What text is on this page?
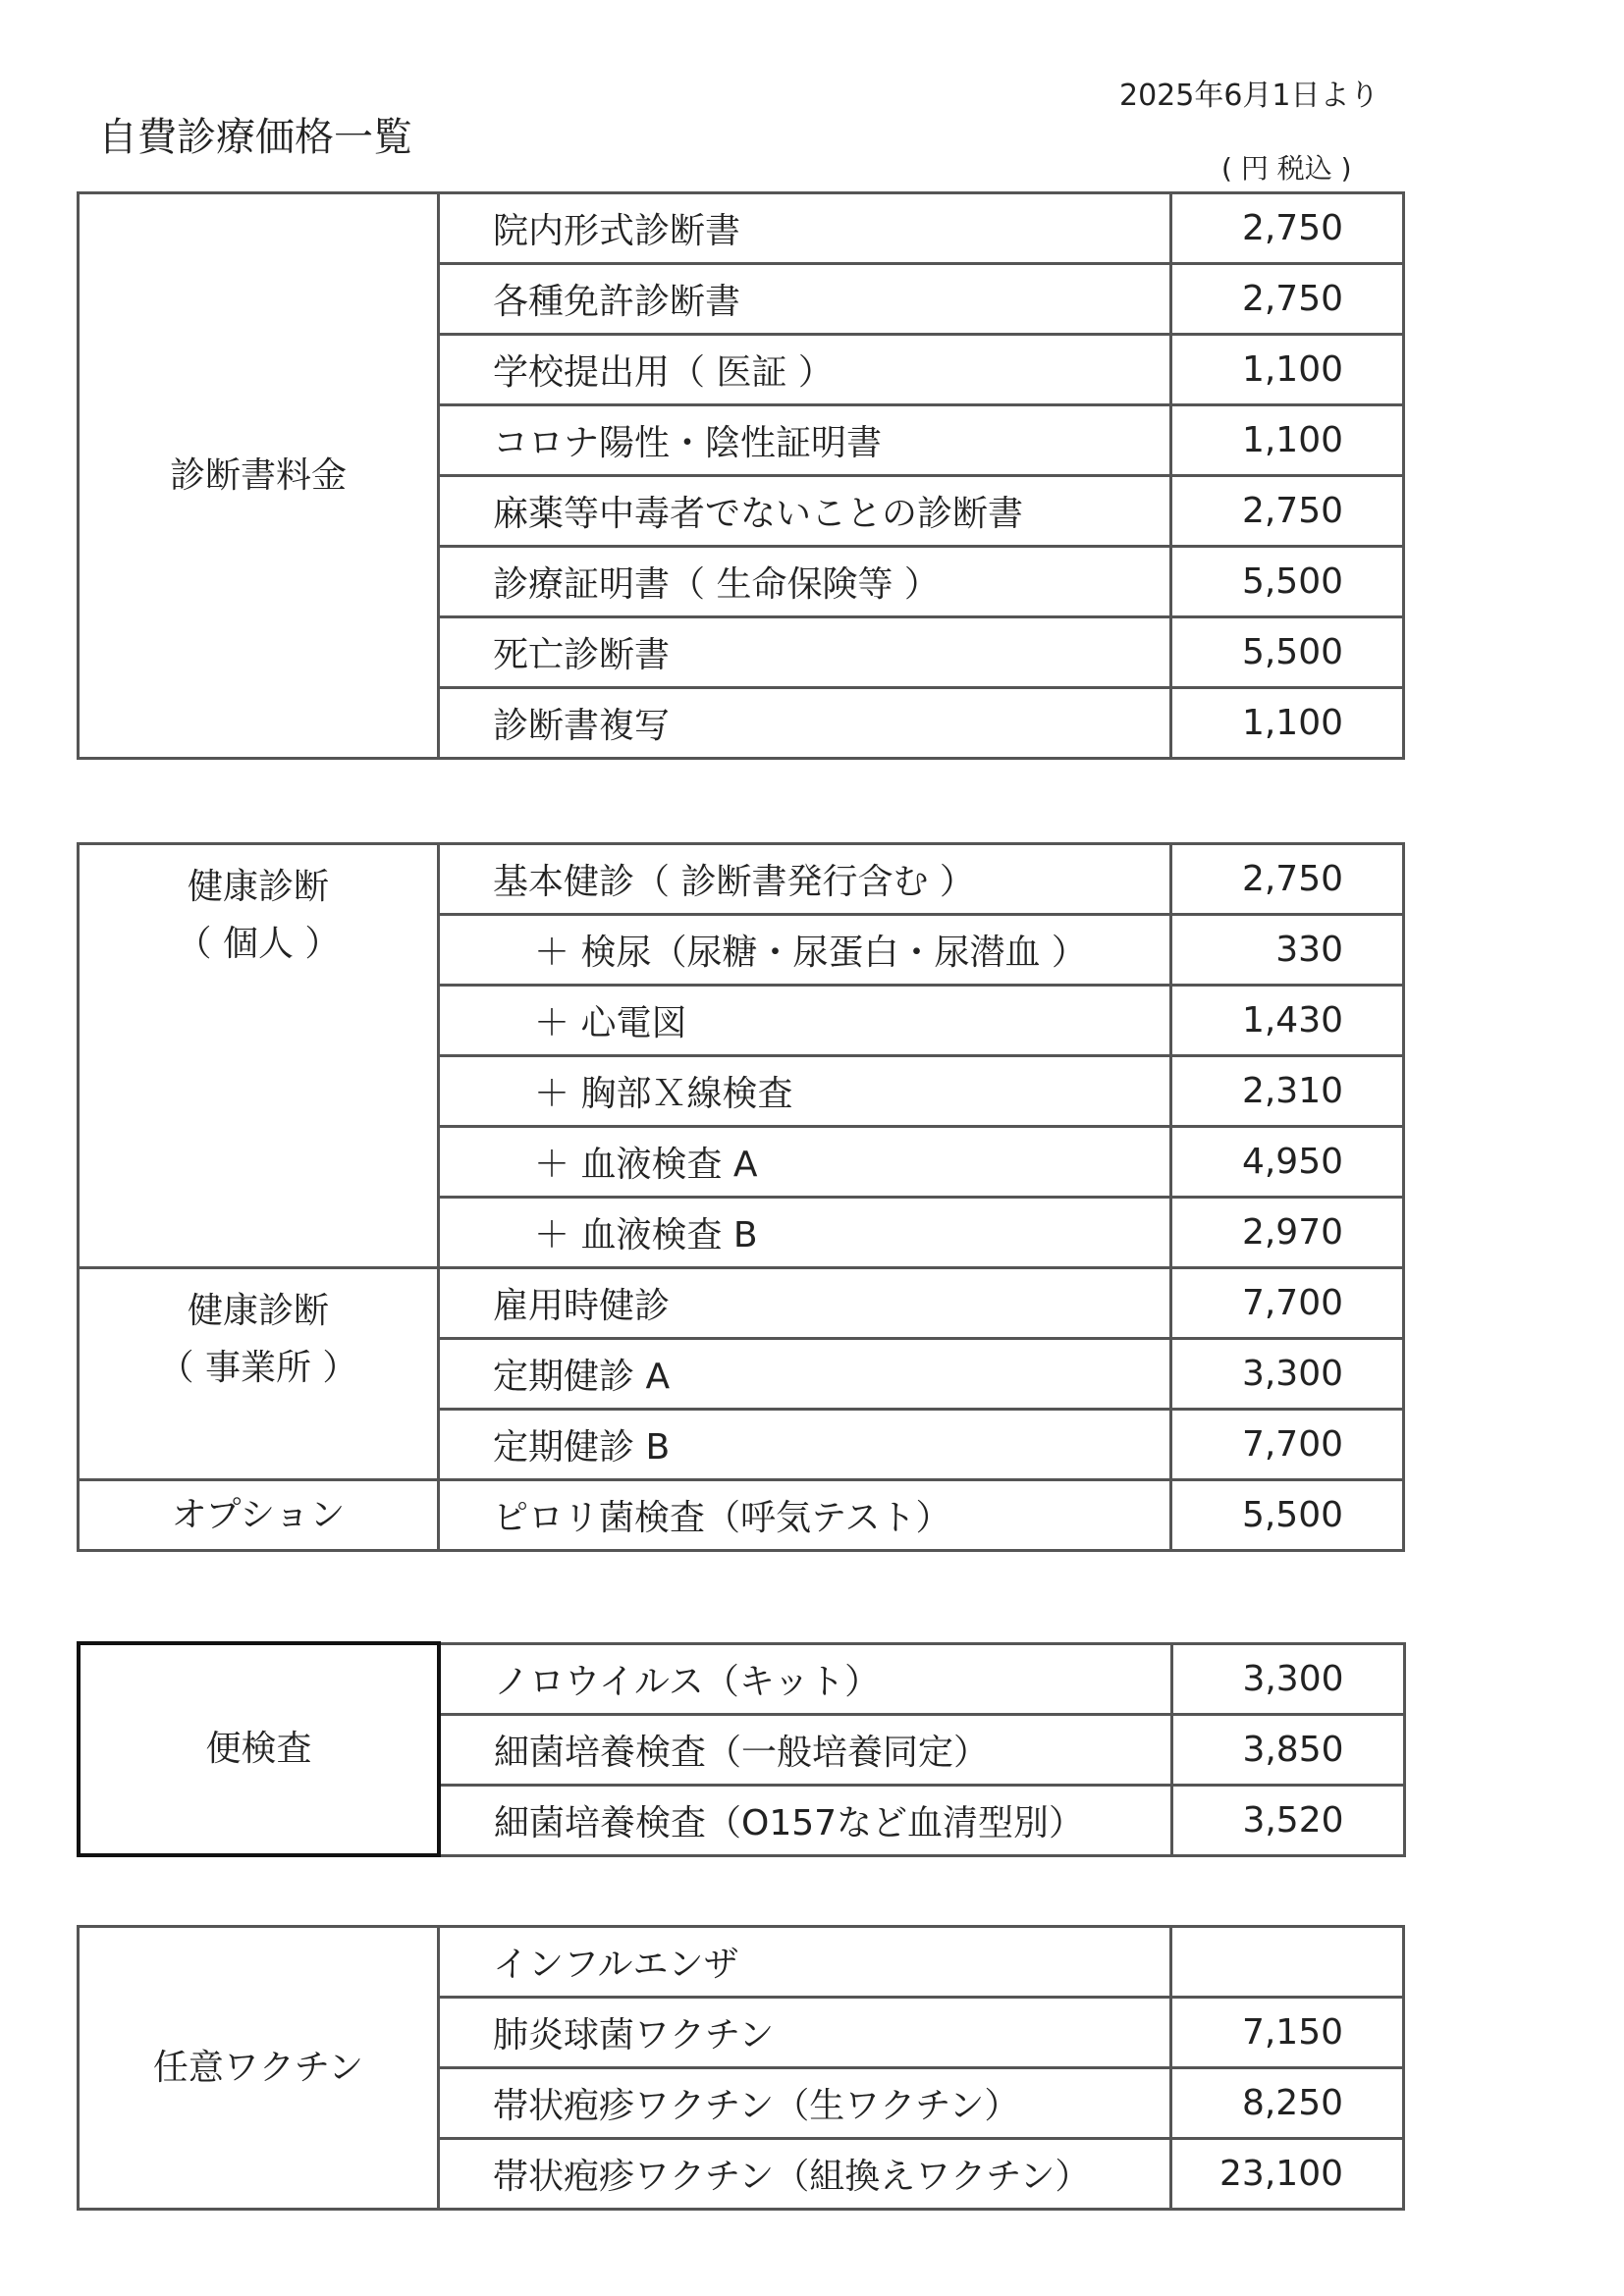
自費診療価格一覧
2025年6月1日より
( 円 税込 )
診断書料金	院内形式診断書	2,750
	各種免許診断書	2,750
	学校提出用（ 医証 ）	1,100
	コロナ陽性・陰性証明書	1,100
	麻薬等中毒者でないことの診断書	2,750
	診療証明書（ 生命保険等 ）	5,500
	死亡診断書	5,500
	診断書複写	1,100
健康診断
（ 個人 ）	基本健診（ 診断書発行含む ）	2,750
	＋ 検尿（尿糖・尿蛋白・尿潜血 ）	330
	＋ 心電図	1,430
	＋ 胸部Ｘ線検査	2,310
	＋ 血液検査 A	4,950
	＋ 血液検査 B	2,970

健康診断
（ 事業所 ）	雇用時健診	7,700
	定期健診 A	3,300
	定期健診 B	7,700

オプション	ピロリ菌検査（呼気テスト）	5,500
便検査	ノロウイルス（キット）	3,300
	細菌培養検査（一般培養同定）	3,850
	細菌培養検査（O157など血清型別）	3,520
任意ワクチン	インフルエンザ	
	肺炎球菌ワクチン	7,150
	帯状疱疹ワクチン（生ワクチン）	8,250
	帯状疱疹ワクチン（組換えワクチン）	23,100
